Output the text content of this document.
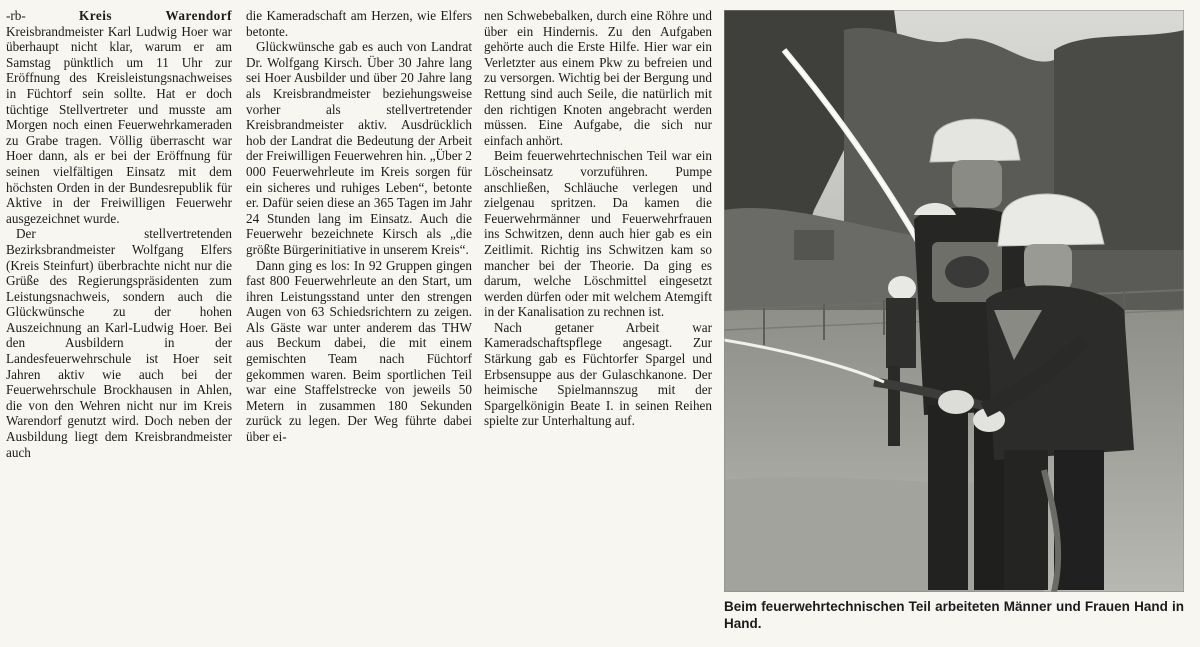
-rb-	Kreis Warendorf Kreisbrandmeister Karl Ludwig Hoer war überhaupt nicht klar, warum er am Samstag pünktlich um 11 Uhr zur Eröffnung des Kreisleistungsnachweises in Füchtorf sein sollte. Hat er doch tüchtige Stellvertreter und musste am Morgen noch einen Feuerwehrkameraden zu Grabe tragen. Völlig überrascht war Hoer dann, als er bei der Eröffnung für seinen vielfältigen Einsatz mit dem höchsten Orden in der Bundesrepublik für Aktive in der Freiwilligen Feuerwehr ausgezeichnet wurde.

Der stellvertretenden Bezirksbrandmeister Wolfgang Elfers (Kreis Steinfurt) überbrachte nicht nur die Grüße des Regierungspräsidenten zum Leistungsnachweis, sondern auch die Glückwünsche zu der hohen Auszeichnung an Karl-Ludwig Hoer. Bei den Ausbildern in der Landesfeuerwehrschule ist Hoer seit Jahren aktiv wie auch bei der Feuerwehrschule Brockhausen in Ahlen, die von den Wehren nicht nur im Kreis Warendorf genutzt wird. Doch neben der Ausbildung liegt dem Kreisbrandmeister auch

die Kameradschaft am Herzen, wie Elfers betonte.

Glückwünsche gab es auch von Landrat Dr. Wolfgang Kirsch. Über 30 Jahre lang sei Hoer Ausbilder und über 20 Jahre lang als Kreisbrandmeister beziehungsweise vorher als stellvertretender Kreisbrandmeister aktiv. Ausdrücklich hob der Landrat die Bedeutung der Arbeit der Freiwilligen Feuerwehren hin. „Über 2 000 Feuerwehrleute im Kreis sorgen für ein sicheres und ruhiges Leben“, betonte er. Dafür seien diese an 365 Tagen im Jahr 24 Stunden lang im Einsatz. Auch die Feuerwehr bezeichnete Kirsch als „die größte Bürgerinitiative in unserem Kreis“.

Dann ging es los: In 92 Gruppen gingen fast 800 Feuerwehrleute an den Start, um ihren Leistungsstand unter den strengen Augen von 63 Schiedsrichtern zu zeigen. Als Gäste war unter anderem das THW aus Beckum dabei, die mit einem gemischten Team nach Füchtorf gekommen waren. Beim sportlichen Teil war eine Staffelstrecke von jeweils 50 Metern in zusammen 180 Sekunden zurück zu legen. Der Weg führte dabei über ei-

nen Schwebebalken, durch eine Röhre und über ein Hindernis. Zu den Aufgaben gehörte auch die Erste Hilfe. Hier war ein Verletzter aus einem Pkw zu befreien und zu versorgen. Wichtig bei der Bergung und Rettung sind auch Seile, die natürlich mit den richtigen Knoten angebracht werden müssen. Eine Aufgabe, die sich nur einfach anhört.

Beim feuerwehrtechnischen Teil war ein Löscheinsatz vorzuführen. Pumpe anschließen, Schläuche verlegen und zielgenau spritzen. Da kamen die Feuerwehrmänner und Feuerwehrfrauen ins Schwitzen, denn auch hier gab es ein Zeitlimit. Richtig ins Schwitzen kam so mancher bei der Theorie. Da ging es darum, welche Löschmittel eingesetzt werden dürfen oder mit welchem Atemgift in der Kanalisation zu rechnen ist.

Nach getaner Arbeit war Kameradschaftspflege angesagt. Zur Stärkung gab es Füchtorfer Spargel und Erbsensuppe aus der Gulaschkanone. Der heimische Spielmannszug mit der Spargelkönigin Beate I. in seinen Reihen spielte zur Unterhaltung auf.

Beim feuerwehrtechnischen Teil arbeiteten Männer und Frauen Hand in Hand.
